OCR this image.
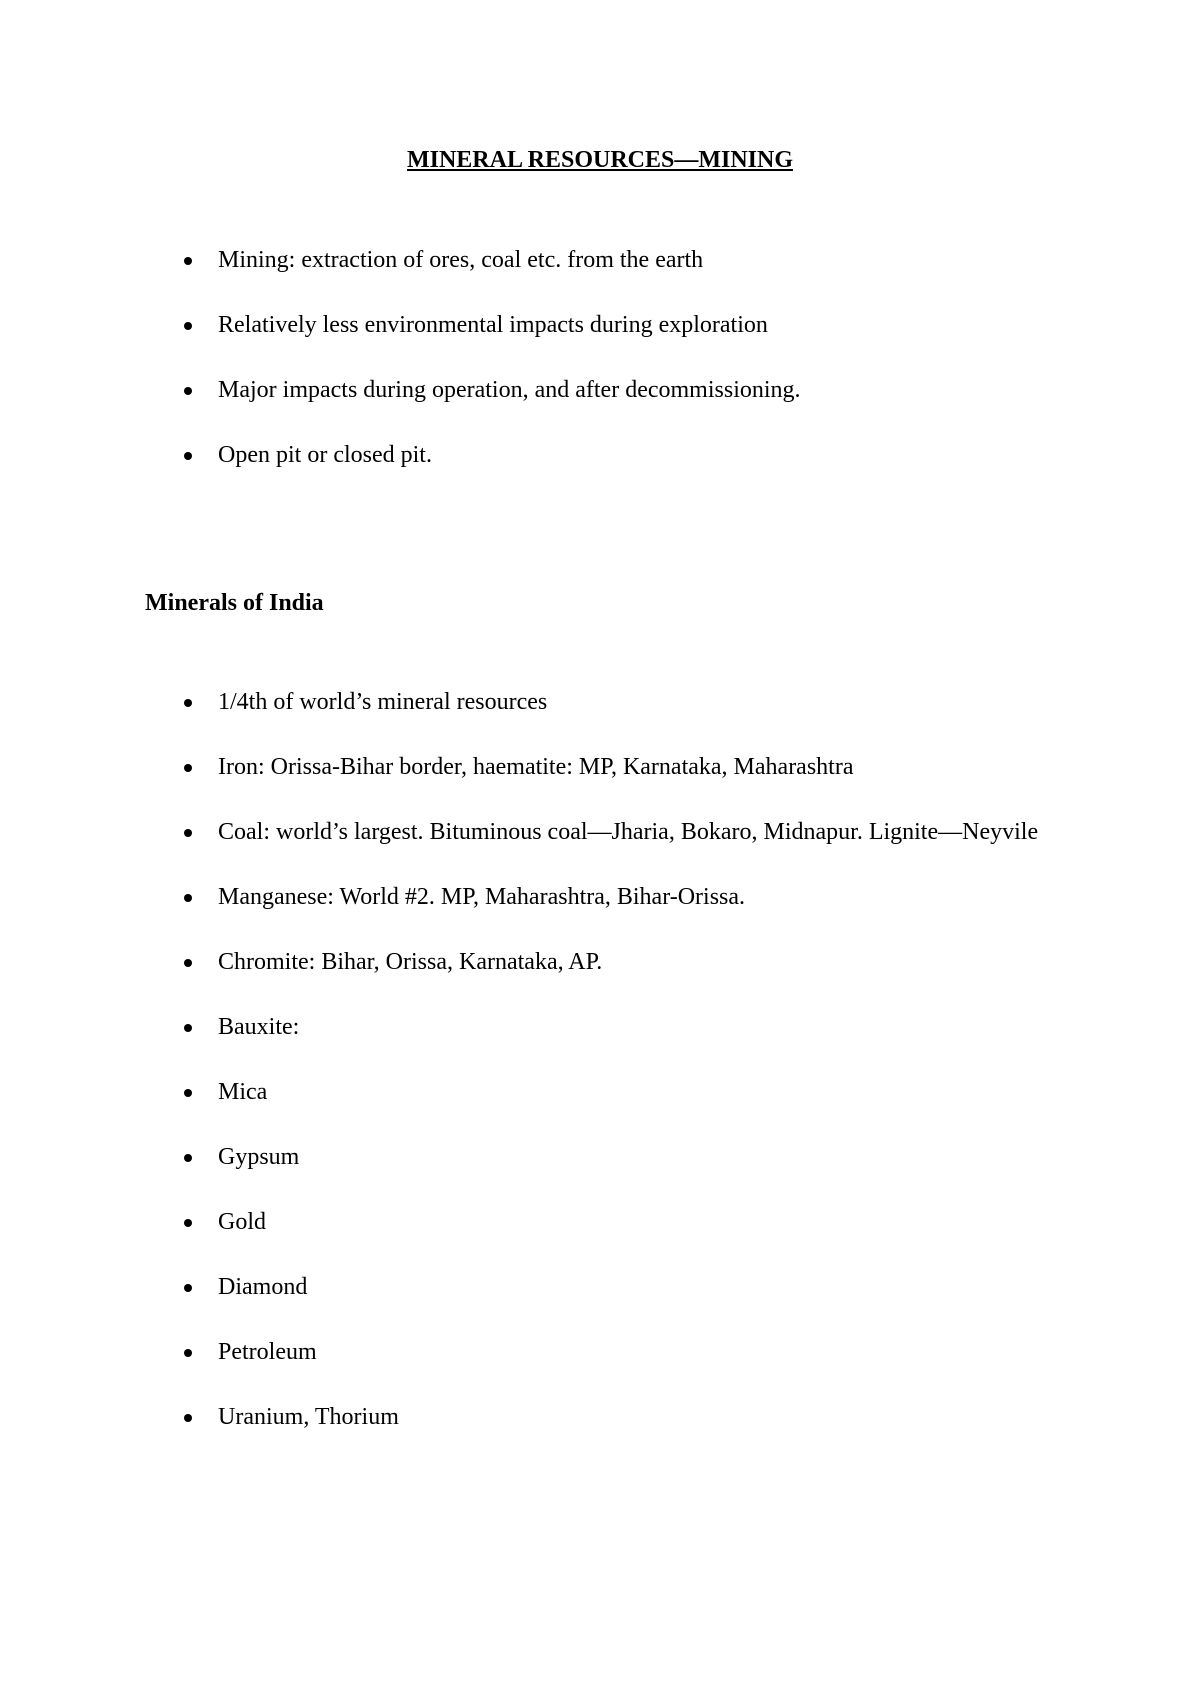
MINERAL RESOURCES—MINING
Mining: extraction of ores, coal etc. from the earth
Relatively less environmental impacts during exploration
Major impacts during operation, and after decommissioning.
Open pit or closed pit.
Minerals of India
1/4th of world’s mineral resources
Iron: Orissa-Bihar border, haematite: MP, Karnataka, Maharashtra
Coal: world’s largest. Bituminous coal—Jharia, Bokaro, Midnapur. Lignite—Neyvile
Manganese: World #2. MP, Maharashtra, Bihar-Orissa.
Chromite: Bihar, Orissa, Karnataka, AP.
Bauxite:
Mica
Gypsum
Gold
Diamond
Petroleum
Uranium, Thorium
